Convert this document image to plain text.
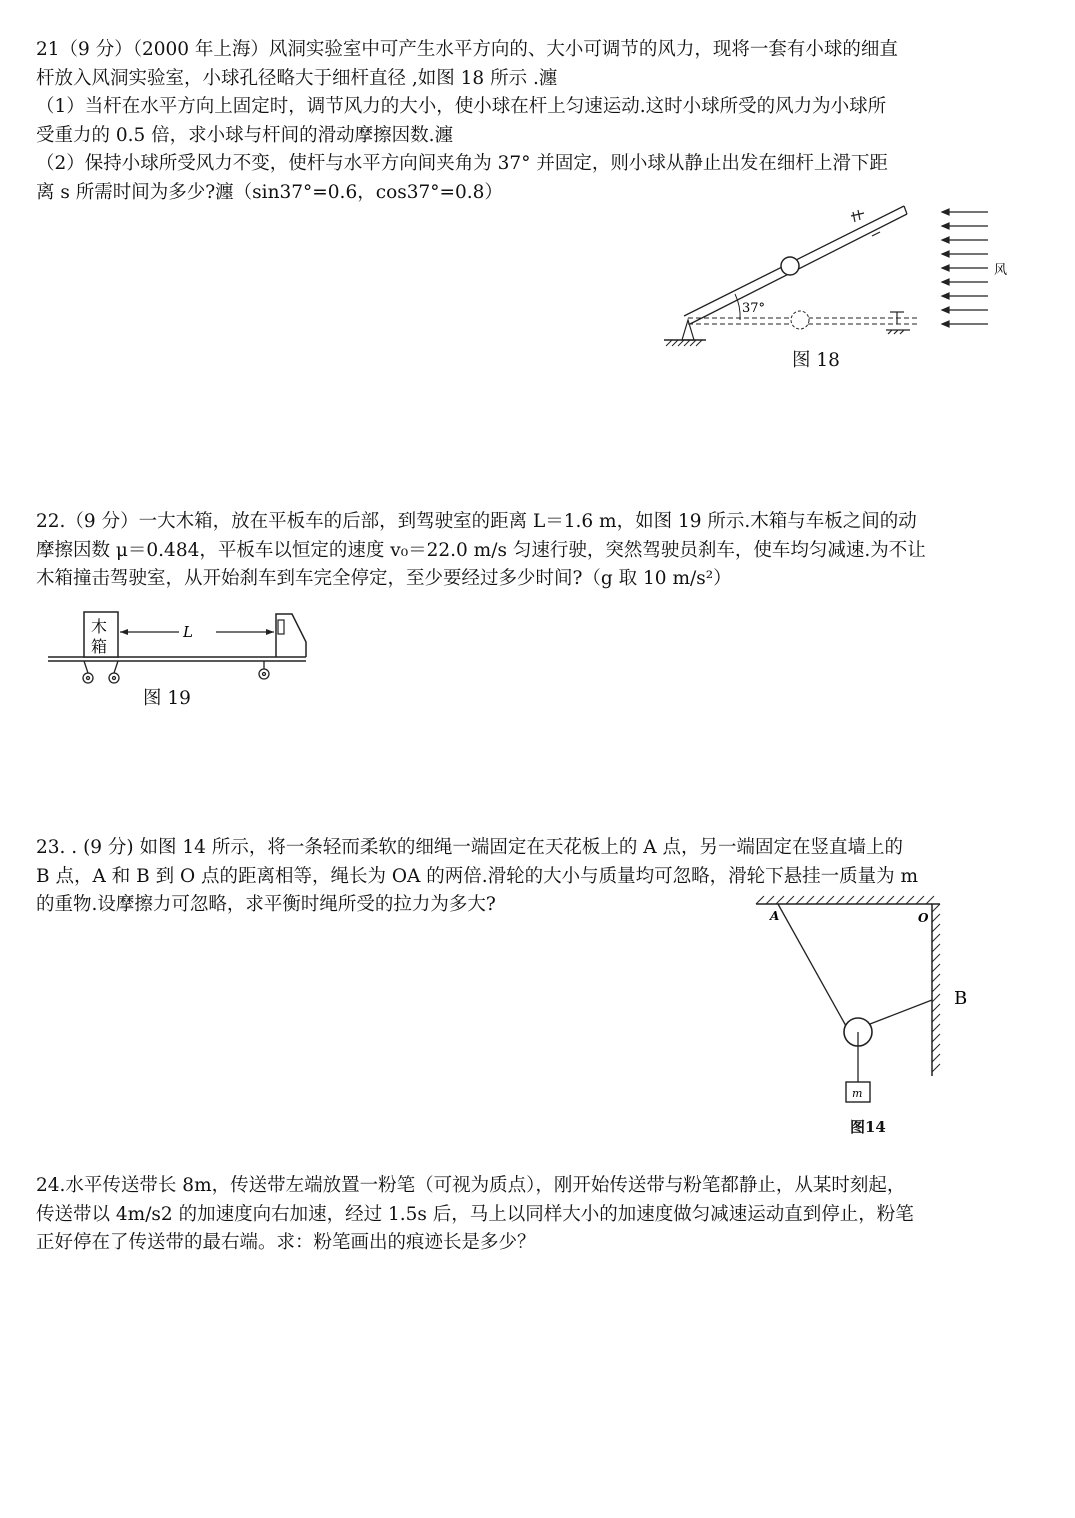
21（9 分）（2000 年上海）风洞实验室中可产生水平方向的、大小可调节的风力，现将一套有小球的细直
杆放入风洞实验室，小球孔径略大于细杆直径 ,如图 18 所示 .瀍
（1）当杆在水平方向上固定时，调节风力的大小，使小球在杆上匀速运动.这时小球所受的风力为小球所
受重力的 0.5 倍，求小球与杆间的滑动摩擦因数.瀍
（2）保持小球所受风力不变，使杆与水平方向间夹角为 37° 并固定，则小球从静止出发在细杆上滑下距
离 s 所需时间为多少?瀍（sin37°=0.6，cos37°=0.8）
37°
风
图 18
22.（9 分）一大木箱，放在平板车的后部，到驾驶室的距离 L＝1.6 m，如图 19 所示.木箱与车板之间的动
摩擦因数 μ＝0.484，平板车以恒定的速度 v₀＝22.0 m/s 匀速行驶，突然驾驶员刹车，使车均匀减速.为不让
木箱撞击驾驶室，从开始刹车到车完全停定，至少要经过多少时间?（g 取 10 m/s²）
木
箱
L
图 19
23. . (9 分) 如图 14 所示，将一条轻而柔软的细绳一端固定在天花板上的 A 点，另一端固定在竖直墙上的
B 点，A 和 B 到 O 点的距离相等，绳长为 OA 的两倍.滑轮的大小与质量均可忽略，滑轮下悬挂一质量为 m
的重物.设摩擦力可忽略，求平衡时绳所受的拉力为多大?
m
A	O
B
图14
24.水平传送带长 8m，传送带左端放置一粉笔（可视为质点），刚开始传送带与粉笔都静止，从某时刻起，
传送带以 4m/s2 的加速度向右加速，经过 1.5s 后，马上以同样大小的加速度做匀减速运动直到停止，粉笔
正好停在了传送带的最右端。求：粉笔画出的痕迹长是多少？
